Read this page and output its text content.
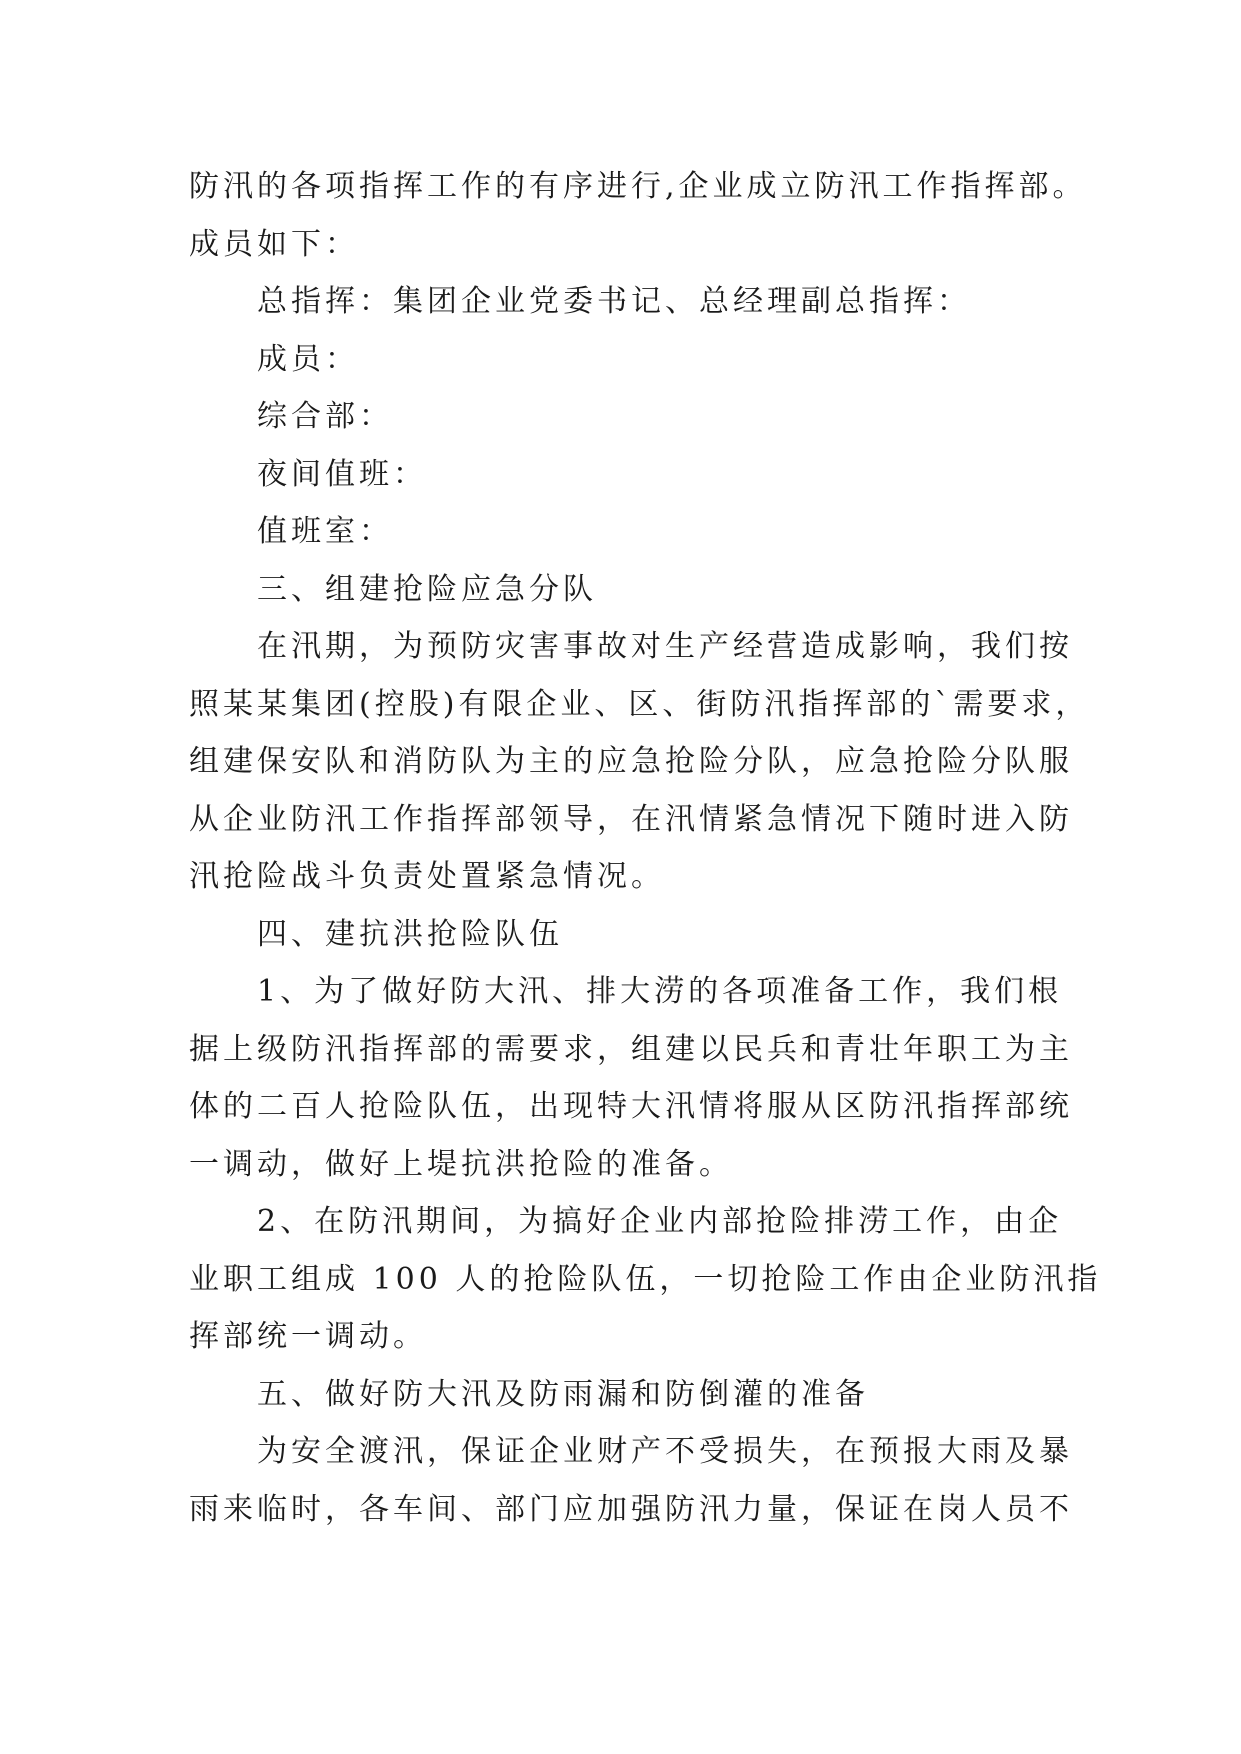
防汛的各项指挥工作的有序进行,企业成立防汛工作指挥部。

成员如下：

总指挥：集团企业党委书记、总经理副总指挥：

成员：

综合部：

夜间值班：

值班室：

三、组建抢险应急分队

在汛期，为预防灾害事故对生产经营造成影响，我们按

照某某集团(控股)有限企业、区、街防汛指挥部的`需要求，

组建保安队和消防队为主的应急抢险分队，应急抢险分队服

从企业防汛工作指挥部领导，在汛情紧急情况下随时进入防

汛抢险战斗负责处置紧急情况。

四、建抗洪抢险队伍

1、为了做好防大汛、排大涝的各项准备工作，我们根

据上级防汛指挥部的需要求，组建以民兵和青壮年职工为主

体的二百人抢险队伍，出现特大汛情将服从区防汛指挥部统

一调动，做好上堤抗洪抢险的准备。

2、在防汛期间，为搞好企业内部抢险排涝工作，由企

业职工组成 100 人的抢险队伍，一切抢险工作由企业防汛指

挥部统一调动。

五、做好防大汛及防雨漏和防倒灌的准备

为安全渡汛，保证企业财产不受损失，在预报大雨及暴

雨来临时，各车间、部门应加强防汛力量，保证在岗人员不
